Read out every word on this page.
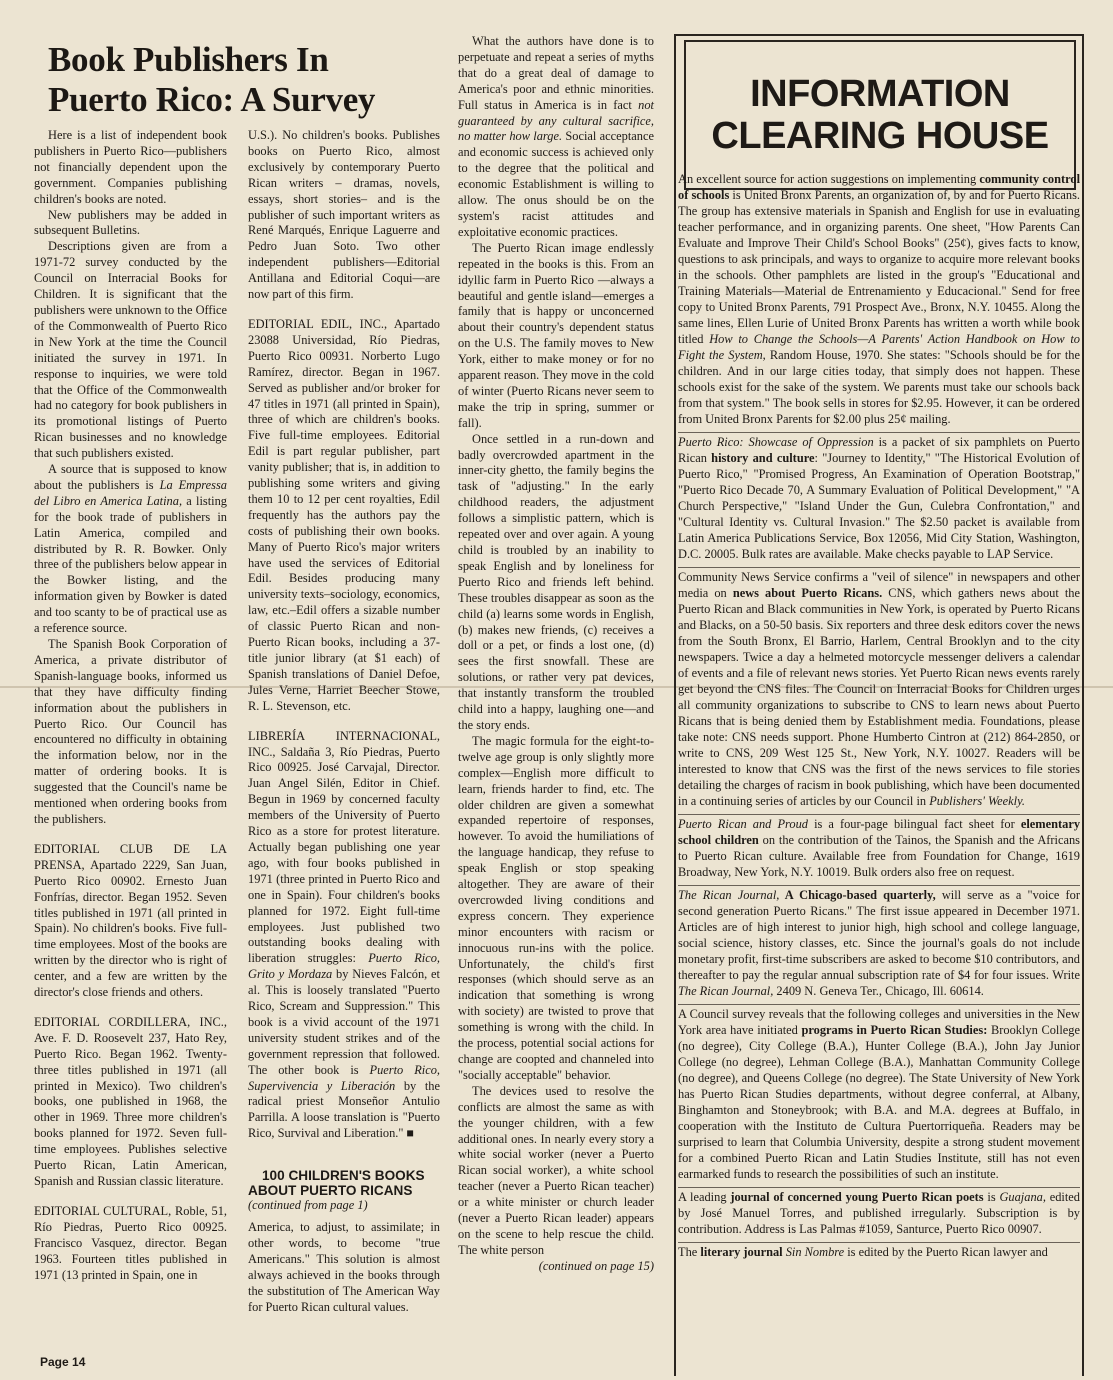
Book Publishers In
Puerto Rico: A Survey

Here is a list of independent book publishers in Puerto Rico—publishers not financially dependent upon the government. Companies publishing children's books are noted.

New publishers may be added in subsequent Bulletins.

Descriptions given are from a 1971-72 survey conducted by the Council on Interracial Books for Children. It is significant that the publishers were unknown to the Office of the Commonwealth of Puerto Rico in New York at the time the Council initiated the survey in 1971. In response to inquiries, we were told that the Office of the Commonwealth had no category for book publishers in its promotional listings of Puerto Rican businesses and no knowledge that such publishers existed.

A source that is supposed to know about the publishers is La Empressa del Libro en America Latina, a listing for the book trade of publishers in Latin America, compiled and distributed by R. R. Bowker. Only three of the publishers below appear in the Bowker listing, and the information given by Bowker is dated and too scanty to be of practical use as a reference source.

The Spanish Book Corporation of America, a private distributor of Spanish-language books, informed us that they have difficulty finding information about the publishers in Puerto Rico. Our Council has encountered no difficulty in obtaining the information below, nor in the matter of ordering books. It is suggested that the Council's name be mentioned when ordering books from the publishers.

EDITORIAL CLUB DE LA PRENSA, Apartado 2229, San Juan, Puerto Rico 00902. Ernesto Juan Fonfrías, director. Began 1952. Seven titles published in 1971 (all printed in Spain). No children's books. Five full-time employees. Most of the books are written by the director who is right of center, and a few are written by the director's close friends and others.

EDITORIAL CORDILLERA, INC., Ave. F. D. Roosevelt 237, Hato Rey, Puerto Rico. Began 1962. Twenty-three titles published in 1971 (all printed in Mexico). Two children's books, one published in 1968, the other in 1969. Three more children's books planned for 1972. Seven full-time employees. Publishes selective Puerto Rican, Latin American, Spanish and Russian classic literature.

EDITORIAL CULTURAL, Roble, 51, Río Piedras, Puerto Rico 00925. Francisco Vasquez, director. Began 1963. Fourteen titles published in 1971 (13 printed in Spain, one in

U.S.). No children's books. Publishes books on Puerto Rico, almost exclusively by contemporary Puerto Rican writers – dramas, novels, essays, short stories– and is the publisher of such important writers as René Marqués, Enrique Laguerre and Pedro Juan Soto. Two other independent publishers—Editorial Antillana and Editorial Coqui—are now part of this firm.

EDITORIAL EDIL, INC., Apartado 23088 Universidad, Río Piedras, Puerto Rico 00931. Norberto Lugo Ramírez, director. Began in 1967. Served as publisher and/or broker for 47 titles in 1971 (all printed in Spain), three of which are children's books. Five full-time employees. Editorial Edil is part regular publisher, part vanity publisher; that is, in addition to publishing some writers and giving them 10 to 12 per cent royalties, Edil frequently has the authors pay the costs of publishing their own books. Many of Puerto Rico's major writers have used the services of Editorial Edil. Besides producing many university texts–sociology, economics, law, etc.–Edil offers a sizable number of classic Puerto Rican and non-Puerto Rican books, including a 37-title junior library (at $1 each) of Spanish translations of Daniel Defoe, Jules Verne, Harriet Beecher Stowe, R. L. Stevenson, etc.

LIBRERÍA INTERNACIONAL, INC., Saldaña 3, Río Piedras, Puerto Rico 00925. José Carvajal, Director. Juan Angel Silén, Editor in Chief. Begun in 1969 by concerned faculty members of the University of Puerto Rico as a store for protest literature. Actually began publishing one year ago, with four books published in 1971 (three printed in Puerto Rico and one in Spain). Four children's books planned for 1972. Eight full-time employees. Just published two outstanding books dealing with liberation struggles: Puerto Rico, Grito y Mordaza by Nieves Falcón, et al. This is loosely translated "Puerto Rico, Scream and Suppression." This book is a vivid account of the 1971 university student strikes and of the government repression that followed. The other book is Puerto Rico, Supervivencia y Liberación by the radical priest Monseñor Antulio Parrilla. A loose translation is "Puerto Rico, Survival and Liberation." ■

100 CHILDREN'S BOOKS
ABOUT PUERTO RICANS

(continued from page 1)

America, to adjust, to assimilate; in other words, to become "true Americans." This solution is almost always achieved in the books through the substitution of The American Way for Puerto Rican cultural values.

What the authors have done is to perpetuate and repeat a series of myths that do a great deal of damage to America's poor and ethnic minorities. Full status in America is in fact not guaranteed by any cultural sacrifice, no matter how large. Social acceptance and economic success is achieved only to the degree that the political and economic Establishment is willing to allow. The onus should be on the system's racist attitudes and exploitative economic practices.

The Puerto Rican image endlessly repeated in the books is this. From an idyllic farm in Puerto Rico —always a beautiful and gentle island—emerges a family that is happy or unconcerned about their country's dependent status on the U.S. The family moves to New York, either to make money or for no apparent reason. They move in the cold of winter (Puerto Ricans never seem to make the trip in spring, summer or fall).

Once settled in a run-down and badly overcrowded apartment in the inner-city ghetto, the family begins the task of "adjusting." In the early childhood readers, the adjustment follows a simplistic pattern, which is repeated over and over again. A young child is troubled by an inability to speak English and by loneliness for Puerto Rico and friends left behind. These troubles disappear as soon as the child (a) learns some words in English, (b) makes new friends, (c) receives a doll or a pet, or finds a lost one, (d) sees the first snowfall. These are solutions, or rather very pat devices, that instantly transform the troubled child into a happy, laughing one—and the story ends.

The magic formula for the eight-to-twelve age group is only slightly more complex—English more difficult to learn, friends harder to find, etc. The older children are given a somewhat expanded repertoire of responses, however. To avoid the humiliations of the language handicap, they refuse to speak English or stop speaking altogether. They are aware of their overcrowded living conditions and express concern. They experience minor encounters with racism or innocuous run-ins with the police. Unfortunately, the child's first responses (which should serve as an indication that something is wrong with society) are twisted to prove that something is wrong with the child. In the process, potential social actions for change are coopted and channeled into "socially acceptable" behavior.

The devices used to resolve the conflicts are almost the same as with the younger children, with a few additional ones. In nearly every story a white social worker (never a Puerto Rican social worker), a white school teacher (never a Puerto Rican teacher) or a white minister or church leader (never a Puerto Rican leader) appears on the scene to help rescue the child. The white person

(continued on page 15)

Page 14
INFORMATION
CLEARING HOUSE

An excellent source for action suggestions on implementing community control of schools is United Bronx Parents, an organization of, by and for Puerto Ricans. The group has extensive materials in Spanish and English for use in evaluating teacher performance, and in organizing parents. One sheet, "How Parents Can Evaluate and Improve Their Child's School Books" (25¢), gives facts to know, questions to ask principals, and ways to organize to acquire more relevant books in the schools. Other pamphlets are listed in the group's "Educational and Training Materials—Material de Entrenamiento y Educacional." Send for free copy to United Bronx Parents, 791 Prospect Ave., Bronx, N.Y. 10455. Along the same lines, Ellen Lurie of United Bronx Parents has written a worth while book titled How to Change the Schools—A Parents' Action Handbook on How to Fight the System, Random House, 1970. She states: "Schools should be for the children. And in our large cities today, that simply does not happen. These schools exist for the sake of the system. We parents must take our schools back from that system." The book sells in stores for $2.95. However, it can be ordered from United Bronx Parents for $2.00 plus 25¢ mailing.

Puerto Rico: Showcase of Oppression is a packet of six pamphlets on Puerto Rican history and culture: "Journey to Identity," "The Historical Evolution of Puerto Rico," "Promised Progress, An Examination of Operation Bootstrap," "Puerto Rico Decade 70, A Summary Evaluation of Political Development," "A Church Perspective," "Island Under the Gun, Culebra Confrontation," and "Cultural Identity vs. Cultural Invasion." The $2.50 packet is available from Latin America Publications Service, Box 12056, Mid City Station, Washington, D.C. 20005. Bulk rates are available. Make checks payable to LAP Service.

Community News Service confirms a "veil of silence" in newspapers and other media on news about Puerto Ricans. CNS, which gathers news about the Puerto Rican and Black communities in New York, is operated by Puerto Ricans and Blacks, on a 50-50 basis. Six reporters and three desk editors cover the news from the South Bronx, El Barrio, Harlem, Central Brooklyn and to the city newspapers. Twice a day a helmeted motorcycle messenger delivers a calendar of events and a file of relevant news stories. Yet Puerto Rican news events rarely get beyond the CNS files. The Council on Interracial Books for Children urges all community organizations to subscribe to CNS to learn news about Puerto Ricans that is being denied them by Establishment media. Foundations, please take note: CNS needs support. Phone Humberto Cintron at (212) 864-2850, or write to CNS, 209 West 125 St., New York, N.Y. 10027. Readers will be interested to know that CNS was the first of the news services to file stories detailing the charges of racism in book publishing, which have been documented in a continuing series of articles by our Council in Publishers' Weekly.

Puerto Rican and Proud is a four-page bilingual fact sheet for elementary school children on the contribution of the Tainos, the Spanish and the Africans to Puerto Rican culture. Available free from Foundation for Change, 1619 Broadway, New York, N.Y. 10019. Bulk orders also free on request.

The Rican Journal, A Chicago-based quarterly, will serve as a "voice for second generation Puerto Ricans." The first issue appeared in December 1971. Articles are of high interest to junior high, high school and college language, social science, history classes, etc. Since the journal's goals do not include monetary profit, first-time subscribers are asked to become $10 contributors, and thereafter to pay the regular annual subscription rate of $4 for four issues. Write The Rican Journal, 2409 N. Geneva Ter., Chicago, Ill. 60614.

A Council survey reveals that the following colleges and universities in the New York area have initiated programs in Puerto Rican Studies: Brooklyn College (no degree), City College (B.A.), Hunter College (B.A.), John Jay Junior College (no degree), Lehman College (B.A.), Manhattan Community College (no degree), and Queens College (no degree). The State University of New York has Puerto Rican Studies departments, without degree conferral, at Albany, Binghamton and Stoneybrook; with B.A. and M.A. degrees at Buffalo, in cooperation with the Instituto de Cultura Puertorriqueña. Readers may be surprised to learn that Columbia University, despite a strong student movement for a combined Puerto Rican and Latin Studies Institute, still has not even earmarked funds to research the possibilities of such an institute.

A leading journal of concerned young Puerto Rican poets is Guajana, edited by José Manuel Torres, and published irregularly. Subscription is by contribution. Address is Las Palmas #1059, Santurce, Puerto Rico 00907.

The literary journal Sin Nombre is edited by the Puerto Rican lawyer and
